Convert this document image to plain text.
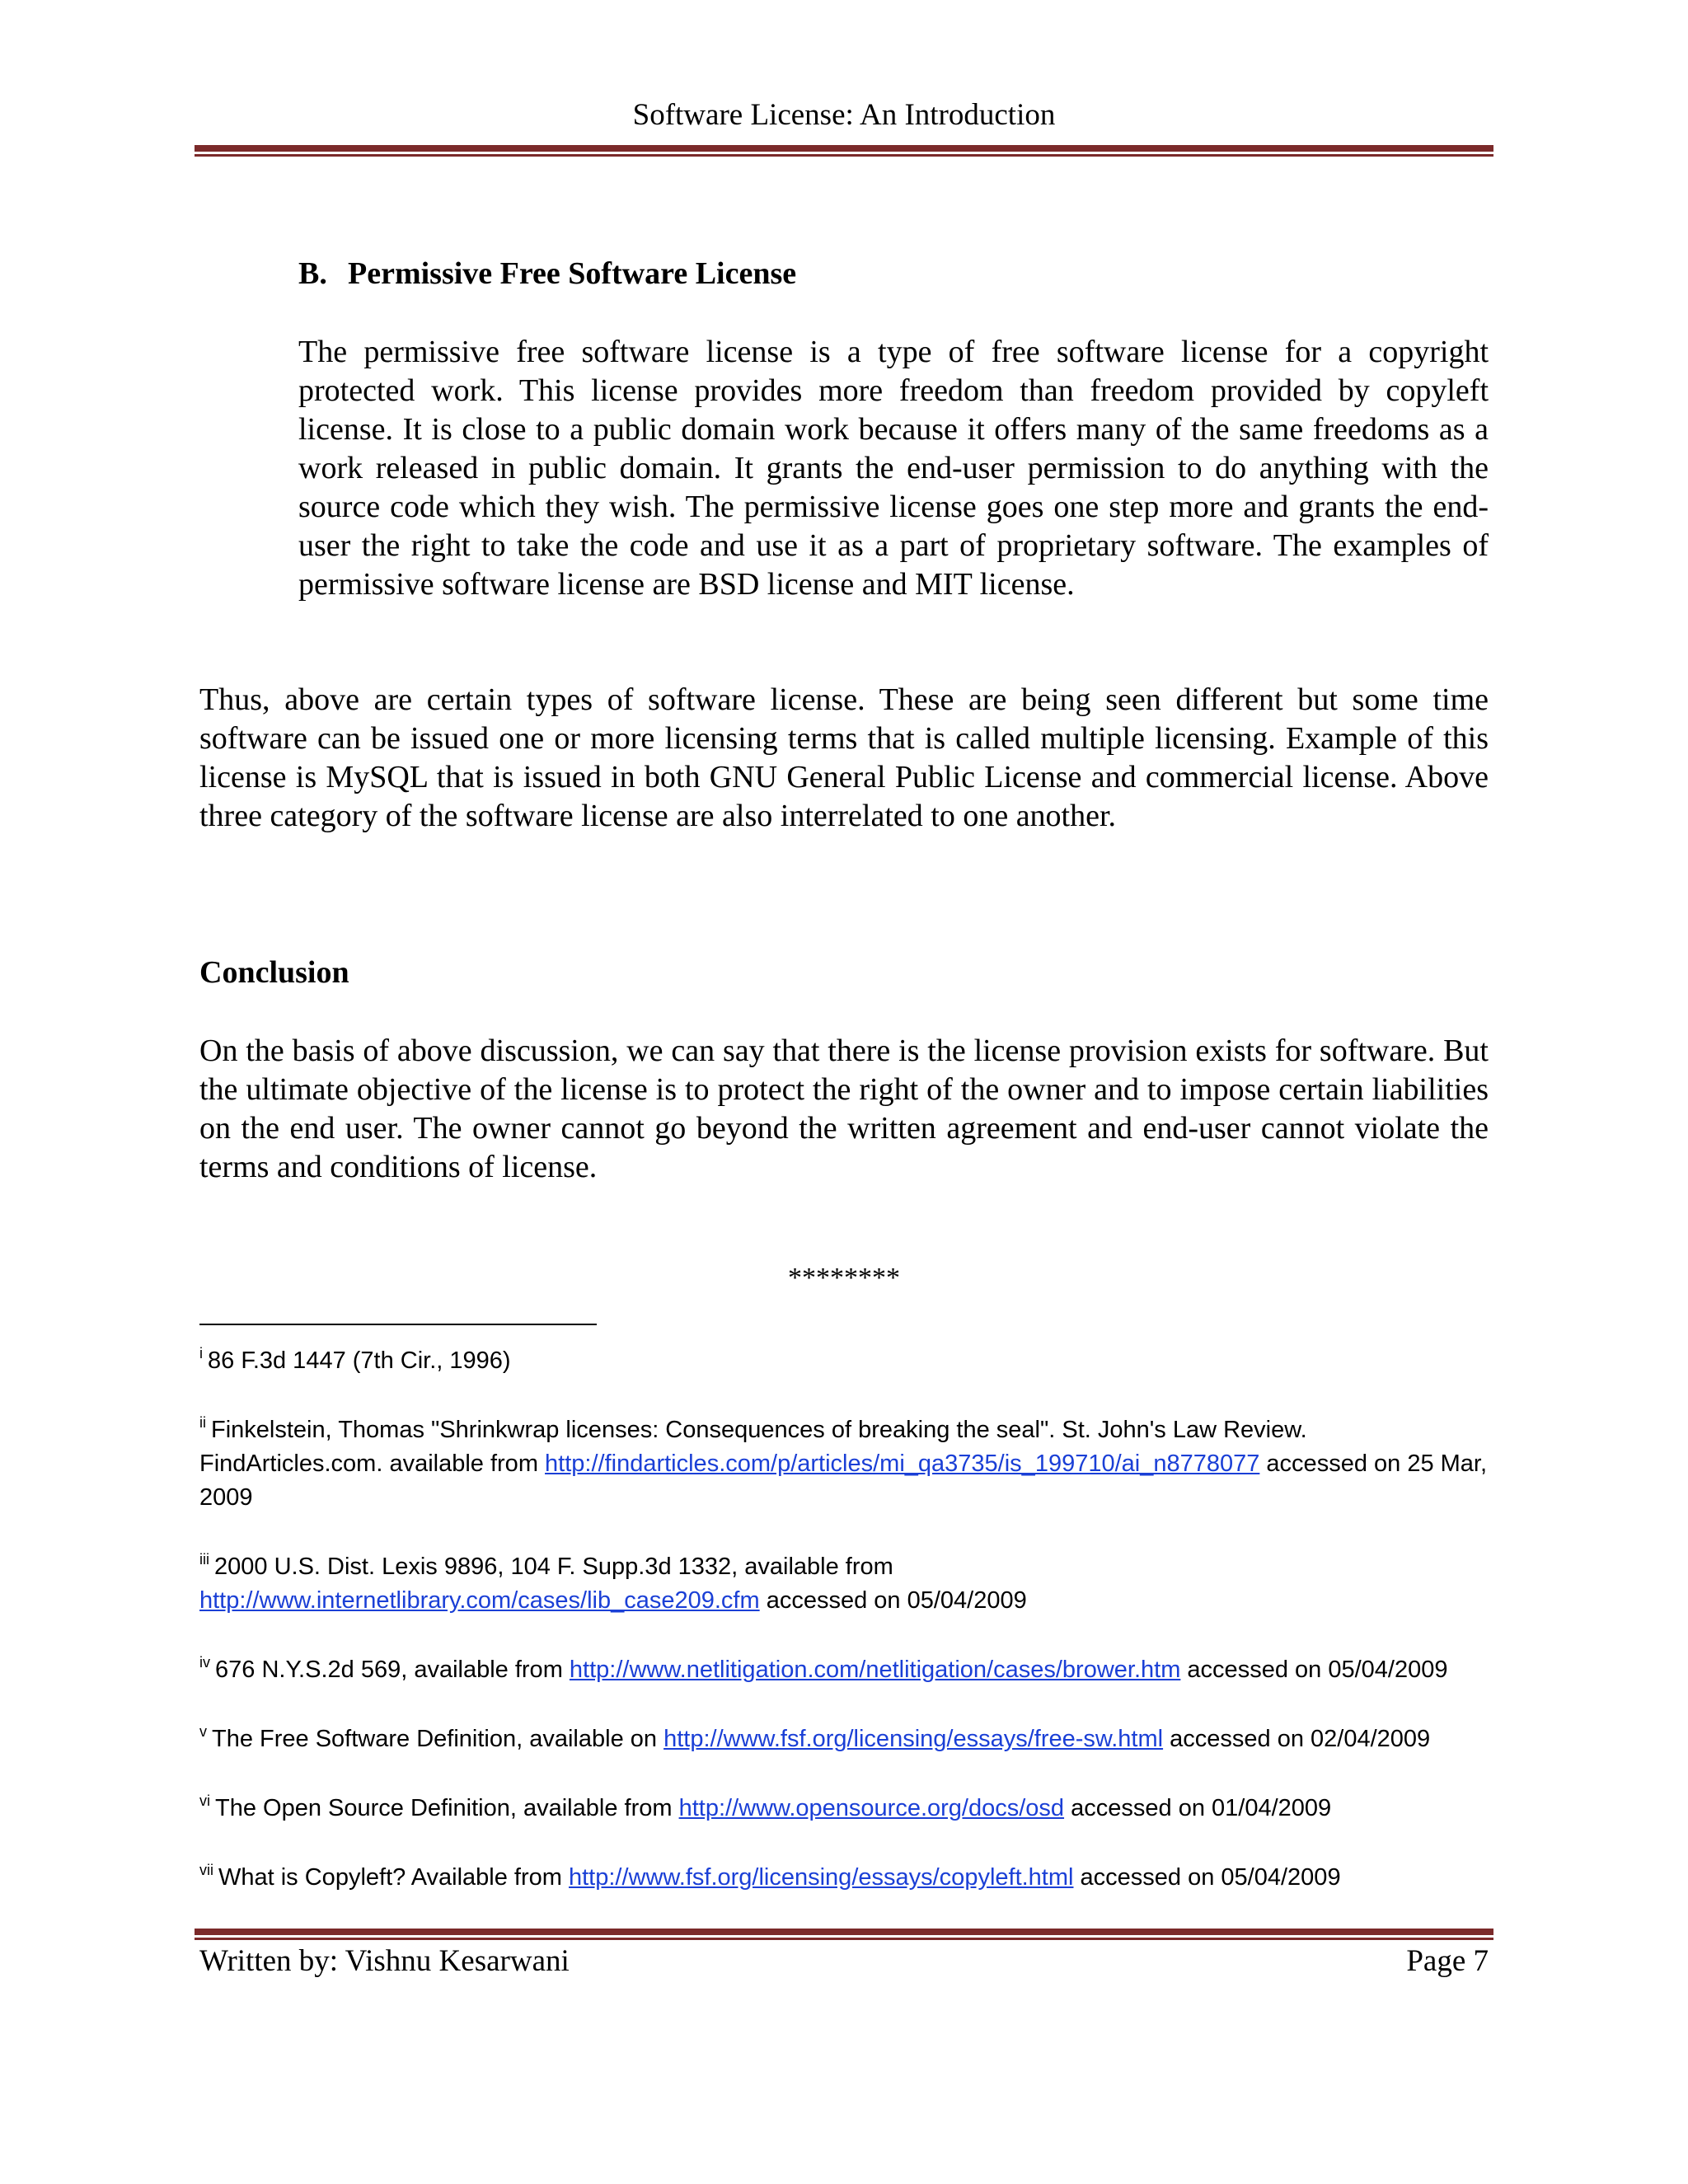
Software License: An Introduction
B. Permissive Free Software License
The permissive free software license is a type of free software license for a copyright protected work. This license provides more freedom than freedom provided by copyleft license. It is close to a public domain work because it offers many of the same freedoms as a work released in public domain. It grants the end-user permission to do anything with the source code which they wish. The permissive license goes one step more and grants the end-user the right to take the code and use it as a part of proprietary software. The examples of permissive software license are BSD license and MIT license.
Thus, above are certain types of software license. These are being seen different but some time software can be issued one or more licensing terms that is called multiple licensing. Example of this license is MySQL that is issued in both GNU General Public License and commercial license. Above three category of the software license are also interrelated to one another.
Conclusion
On the basis of above discussion, we can say that there is the license provision exists for software. But the ultimate objective of the license is to protect the right of the owner and to impose certain liabilities on the end user. The owner cannot go beyond the written agreement and end-user cannot violate the terms and conditions of license.
********
$^i$ 86 F.3d 1447 (7th Cir., 1996)
$^{ii}$ Finkelstein, Thomas "Shrinkwrap licenses: Consequences of breaking the seal". St. John's Law Review. FindArticles.com. available from http://findarticles.com/p/articles/mi_qa3735/is_199710/ai_n8778077 accessed on 25 Mar, 2009
$^{iii}$ 2000 U.S. Dist. Lexis 9896, 104 F. Supp.3d 1332, available from
http://www.internetlibrary.com/cases/lib_case209.cfm accessed on 05/04/2009
$^{iv}$ 676 N.Y.S.2d 569, available from http://www.netlitigation.com/netlitigation/cases/brower.htm accessed on 05/04/2009
$^v$ The Free Software Definition, available on http://www.fsf.org/licensing/essays/free-sw.html accessed on 02/04/2009
$^{vi}$ The Open Source Definition, available from http://www.opensource.org/docs/osd accessed on 01/04/2009
$^{vii}$ What is Copyleft? Available from http://www.fsf.org/licensing/essays/copyleft.html accessed on 05/04/2009
Written by: Vishnu Kesarwani	Page 7
